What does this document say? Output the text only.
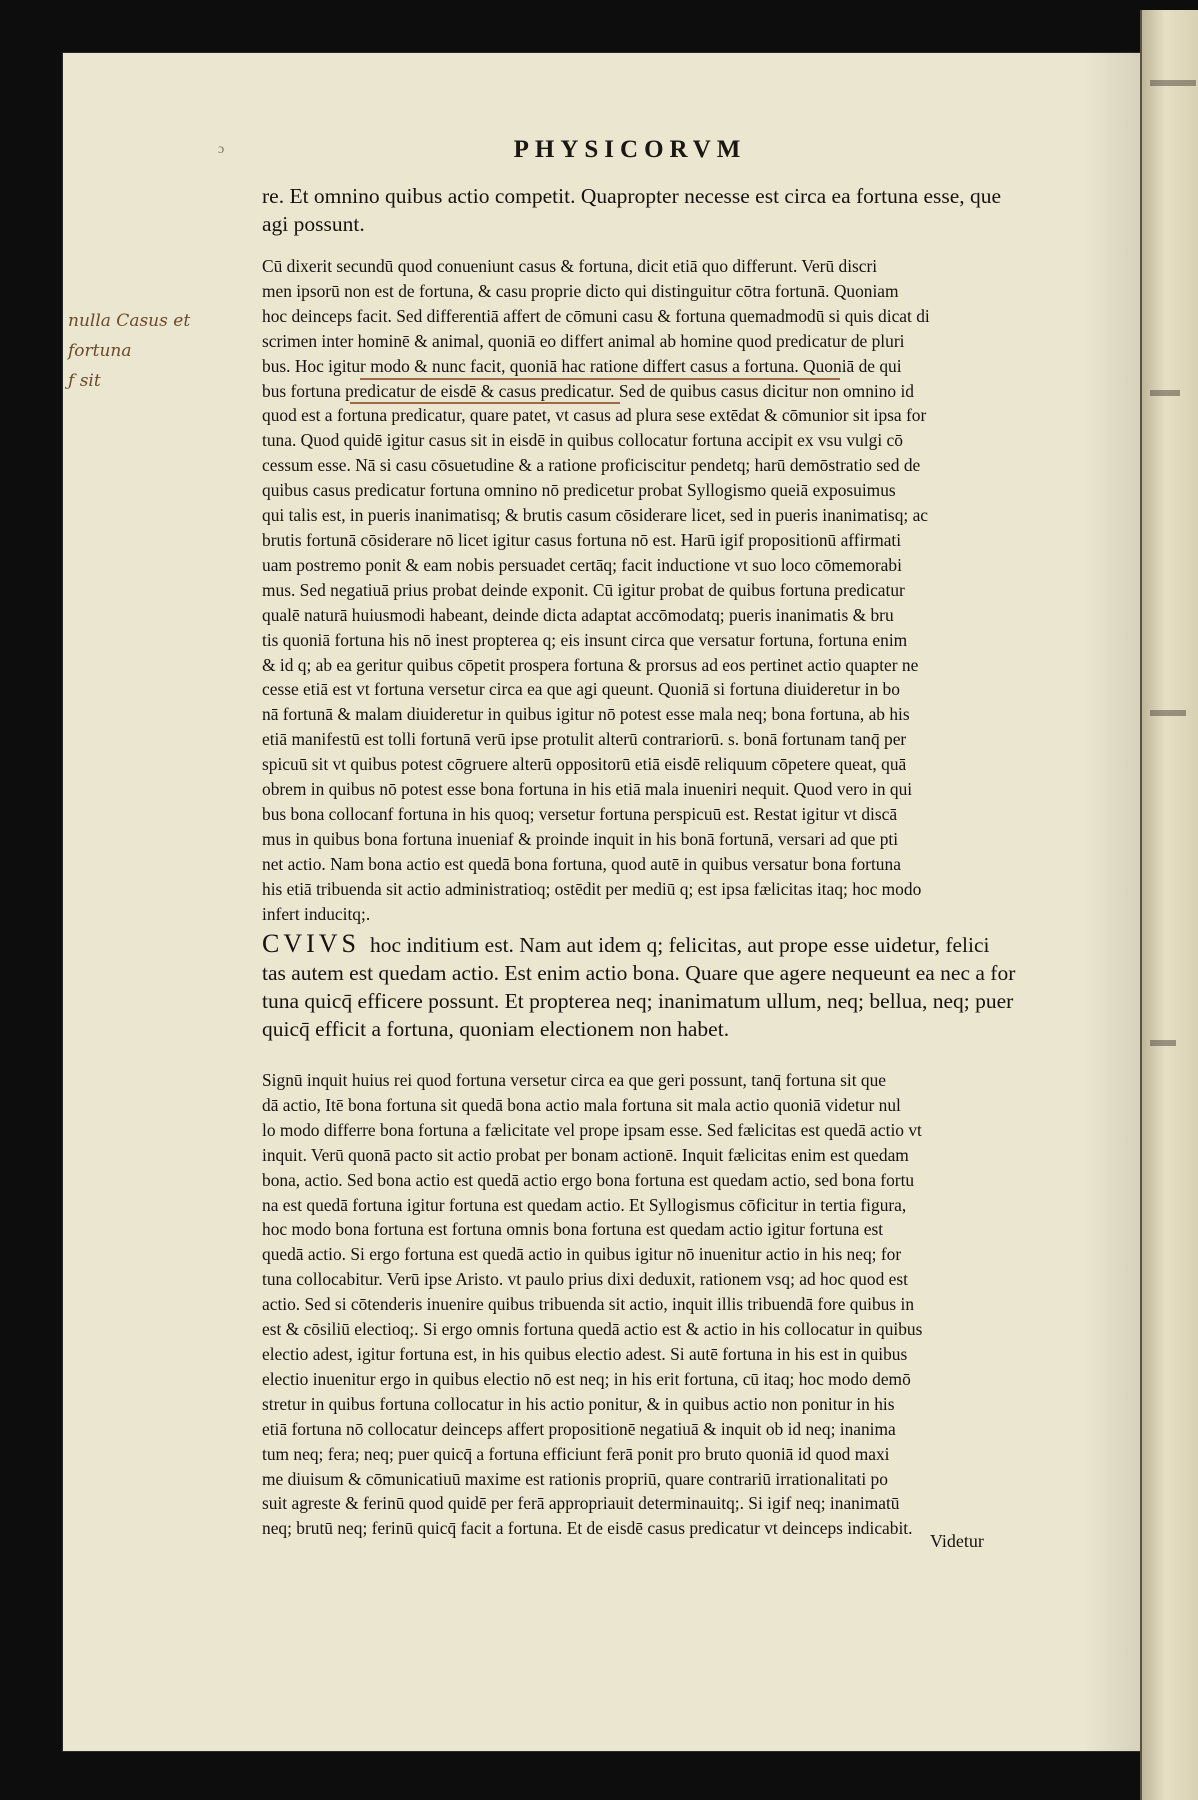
ɔ	PHYSICORVM
nulla Casus et fortuna
ƒ sit

re. Et omnino quibus actio competit. Quapropter necesse est circa ea fortuna esse, que

agi possunt.

Cū dixerit secundū quod conueniunt casus & fortuna, dicit etiā quo differunt. Verū discri

men ipsorū non est de fortuna, & casu proprie dicto qui distinguitur cōtra fortunā. Quoniam

hoc deinceps facit. Sed differentiā affert de cōmuni casu & fortuna quemadmodū si quis dicat di

scrimen inter hominē & animal, quoniā eo differt animal ab homine quod predicatur de pluri

bus. Hoc igitur modo & nunc facit, quoniā hac ratione differt casus a fortuna. Quoniā de qui

bus fortuna predicatur de eisdē & casus predicatur. Sed de quibus casus dicitur non omnino id

quod est a fortuna predicatur, quare patet, vt casus ad plura sese extēdat & cōmunior sit ipsa for

tuna. Quod quidē igitur casus sit in eisdē in quibus collocatur fortuna accipit ex vsu vulgi cō

cessum esse. Nā si casu cōsuetudine & a ratione proficiscitur pendetq; harū demōstratio sed de

quibus casus predicatur fortuna omnino nō predicetur probat Syllogismo queiā exposuimus

qui talis est, in pueris inanimatisq; & brutis casum cōsiderare licet, sed in pueris inanimatisq; ac

brutis fortunā cōsiderare nō licet igitur casus fortuna nō est. Harū igif propositionū affirmati

uam postremo ponit & eam nobis persuadet certāq; facit inductione vt suo loco cōmemorabi

mus. Sed negatiuā prius probat deinde exponit. Cū igitur probat de quibus fortuna predicatur

qualē naturā huiusmodi habeant, deinde dicta adaptat accōmodatq; pueris inanimatis & bru

tis quoniā fortuna his nō inest propterea q; eis insunt circa que versatur fortuna, fortuna enim

& id q; ab ea geritur quibus cōpetit prospera fortuna & prorsus ad eos pertinet actio quapter ne

cesse etiā est vt fortuna versetur circa ea que agi queunt. Quoniā si fortuna diuideretur in bo

nā fortunā & malam diuideretur in quibus igitur nō potest esse mala neq; bona fortuna, ab his

etiā manifestū est tolli fortunā verū ipse protulit alterū contrariorū. s. bonā fortunam tanq̄ per

spicuū sit vt quibus potest cōgruere alterū oppositorū etiā eisdē reliquum cōpetere queat, quā

obrem in quibus nō potest esse bona fortuna in his etiā mala inueniri nequit. Quod vero in qui

bus bona collocanf fortuna in his quoq; versetur fortuna perspicuū est. Restat igitur vt discā

mus in quibus bona fortuna inueniaf & proinde inquit in his bonā fortunā, versari ad que pti

net actio. Nam bona actio est quedā bona fortuna, quod autē in quibus versatur bona fortuna

his etiā tribuenda sit actio administratioq; ostēdit per mediū q; est ipsa fælicitas itaq; hoc modo

infert inducitq;.

CVIVS hoc inditium est. Nam aut idem q; felicitas, aut prope esse uidetur, felici

tas autem est quedam actio. Est enim actio bona. Quare que agere nequeunt ea nec a for

tuna quicq̄ efficere possunt. Et propterea neq; inanimatum ullum, neq; bellua, neq; puer

quicq̄ efficit a fortuna, quoniam electionem non habet.

Signū inquit huius rei quod fortuna versetur circa ea que geri possunt, tanq̄ fortuna sit que

dā actio, Itē bona fortuna sit quedā bona actio mala fortuna sit mala actio quoniā videtur nul

lo modo differre bona fortuna a fælicitate vel prope ipsam esse. Sed fælicitas est quedā actio vt

inquit. Verū quonā pacto sit actio probat per bonam actionē. Inquit fælicitas enim est quedam

bona, actio. Sed bona actio est quedā actio ergo bona fortuna est quedam actio, sed bona fortu

na est quedā fortuna igitur fortuna est quedam actio. Et Syllogismus cōficitur in tertia figura,

hoc modo bona fortuna est fortuna omnis bona fortuna est quedam actio igitur fortuna est

quedā actio. Si ergo fortuna est quedā actio in quibus igitur nō inuenitur actio in his neq; for

tuna collocabitur. Verū ipse Aristo. vt paulo prius dixi deduxit, rationem vsq; ad hoc quod est

actio. Sed si cōtenderis inuenire quibus tribuenda sit actio, inquit illis tribuendā fore quibus in

est & cōsiliū electioq;. Si ergo omnis fortuna quedā actio est & actio in his collocatur in quibus

electio adest, igitur fortuna est, in his quibus electio adest. Si autē fortuna in his est in quibus

electio inuenitur ergo in quibus electio nō est neq; in his erit fortuna, cū itaq; hoc modo demō

stretur in quibus fortuna collocatur in his actio ponitur, & in quibus actio non ponitur in his

etiā fortuna nō collocatur deinceps affert propositionē negatiuā & inquit ob id neq; inanima

tum neq; fera; neq; puer quicq̄ a fortuna efficiunt ferā ponit pro bruto quoniā id quod maxi

me diuisum & cōmunicatiuū maxime est rationis propriū, quare contrariū irrationalitati po

suit agreste & ferinū quod quidē per ferā appropriauit determinauitq;. Si igif neq; inanimatū

neq; brutū neq; ferinū quicq̄ facit a fortuna. Et de eisdē casus predicatur vt deinceps indicabit.

Videtur
